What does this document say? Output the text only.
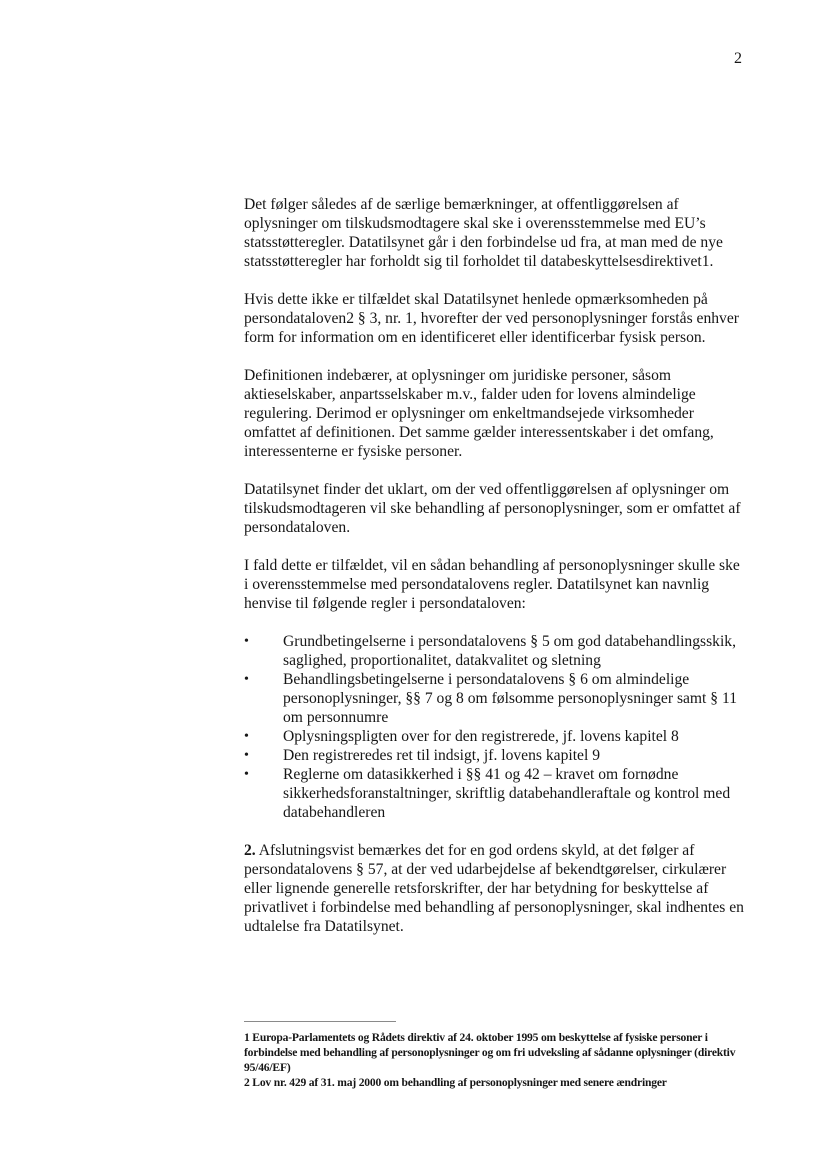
2

Det følger således af de særlige bemærkninger, at offentliggørelsen af oplysninger om tilskudsmodtagere skal ske i overensstemmelse med EU’s statsstøtteregler. Datatilsynet går i den forbindelse ud fra, at man med de nye statsstøtteregler har forholdt sig til forholdet til databeskyttelsesdirektivet1.

Hvis dette ikke er tilfældet skal Datatilsynet henlede opmærksomheden på persondataloven2 § 3, nr. 1, hvorefter der ved personoplysninger forstås enhver form for information om en identificeret eller identificerbar fysisk person.

Definitionen indebærer, at oplysninger om juridiske personer, såsom aktieselskaber, anpartsselskaber m.v., falder uden for lovens almindelige regulering. Derimod er oplysninger om enkeltmandsejede virksomheder omfattet af definitionen. Det samme gælder interessentskaber i det omfang, interessenterne er fysiske personer.

Datatilsynet finder det uklart, om der ved offentliggørelsen af oplysninger om tilskudsmodtageren vil ske behandling af personoplysninger, som er omfattet af persondataloven.

I fald dette er tilfældet, vil en sådan behandling af personoplysninger skulle ske i overensstemmelse med persondatalovens regler. Datatilsynet kan navnlig henvise til følgende regler i persondataloven:

• Grundbetingelserne i persondatalovens § 5 om god databehandlingsskik, saglighed, proportionalitet, datakvalitet og sletning
• Behandlingsbetingelserne i persondatalovens § 6 om almindelige personoplysninger, §§ 7 og 8 om følsomme personoplysninger samt § 11 om personnumre
• Oplysningspligten over for den registrerede, jf. lovens kapitel 8
• Den registreredes ret til indsigt, jf. lovens kapitel 9
• Reglerne om datasikkerhed i §§ 41 og 42 – kravet om fornødne sikkerhedsforanstaltninger, skriftlig databehandleraftale og kontrol med databehandleren

2. Afslutningsvist bemærkes det for en god ordens skyld, at det følger af persondatalovens § 57, at der ved udarbejdelse af bekendtgørelser, cirkulærer eller lignende generelle retsforskrifter, der har betydning for beskyttelse af privatlivet i forbindelse med behandling af personoplysninger, skal indhentes en udtalelse fra Datatilsynet.

1 Europa-Parlamentets og Rådets direktiv af 24. oktober 1995 om beskyttelse af fysiske personer i forbindelse med behandling af personoplysninger og om fri udveksling af sådanne oplysninger (direktiv 95/46/EF)

2 Lov nr. 429 af 31. maj 2000 om behandling af personoplysninger med senere ændringer
